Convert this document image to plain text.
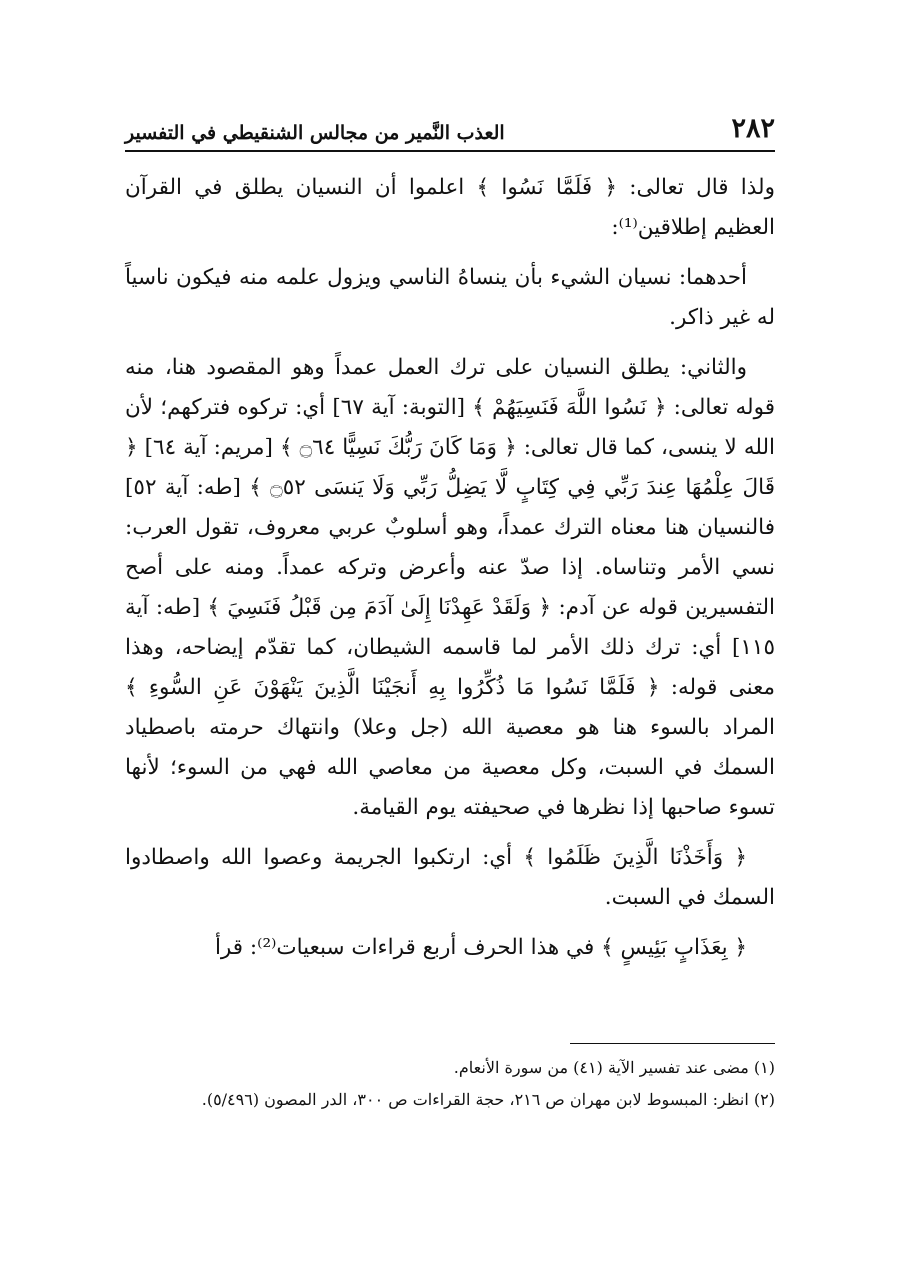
٢٨٢
العذب النَّمير من مجالس الشنقيطي في التفسير

ولذا قال تعالى: ﴿ فَلَمَّا نَسُوا ﴾ اعلموا أن النسيان يطلق في القرآن العظيم إطلاقين⁽¹⁾:

أحدهما: نسيان الشيء بأن ينساهُ الناسي ويزول علمه منه فيكون ناسياً له غير ذاكر.

والثاني: يطلق النسيان على ترك العمل عمداً وهو المقصود هنا، منه قوله تعالى: ﴿ نَسُوا اللَّهَ فَنَسِيَهُمْ ﴾ [التوبة: آية ٦٧] أي: تركوه فتركهم؛ لأن الله لا ينسى، كما قال تعالى: ﴿ وَمَا كَانَ رَبُّكَ نَسِيًّا ۝٦٤ ﴾ [مريم: آية ٦٤] ﴿ قَالَ عِلْمُهَا عِندَ رَبِّي فِي كِتَابٍ لَّا يَضِلُّ رَبِّي وَلَا يَنسَى ۝٥٢ ﴾ [طه: آية ٥٢] فالنسيان هنا معناه الترك عمداً، وهو أسلوبٌ عربي معروف، تقول العرب: نسي الأمر وتناساه. إذا صدّ عنه وأعرض وتركه عمداً. ومنه على أصح التفسيرين قوله عن آدم: ﴿ وَلَقَدْ عَهِدْنَا إِلَىٰ آدَمَ مِن قَبْلُ فَنَسِيَ ﴾ [طه: آية ١١٥] أي: ترك ذلك الأمر لما قاسمه الشيطان، كما تقدّم إيضاحه، وهذا معنى قوله: ﴿ فَلَمَّا نَسُوا مَا ذُكِّرُوا بِهِ أَنجَيْنَا الَّذِينَ يَنْهَوْنَ عَنِ السُّوءِ ﴾ المراد بالسوء هنا هو معصية الله (جل وعلا) وانتهاك حرمته باصطياد السمك في السبت، وكل معصية من معاصي الله فهي من السوء؛ لأنها تسوء صاحبها إذا نظرها في صحيفته يوم القيامة.

﴿ وَأَخَذْنَا الَّذِينَ ظَلَمُوا ﴾ أي: ارتكبوا الجريمة وعصوا الله واصطادوا السمك في السبت.

﴿ بِعَذَابٍ بَئِيسٍ ﴾ في هذا الحرف أربع قراءات سبعيات⁽²⁾: قرأ

(١) مضى عند تفسير الآية (٤١) من سورة الأنعام.

(٢) انظر: المبسوط لابن مهران ص ٢١٦، حجة القراءات ص ٣٠٠، الدر المصون (٥/٤٩٦).
